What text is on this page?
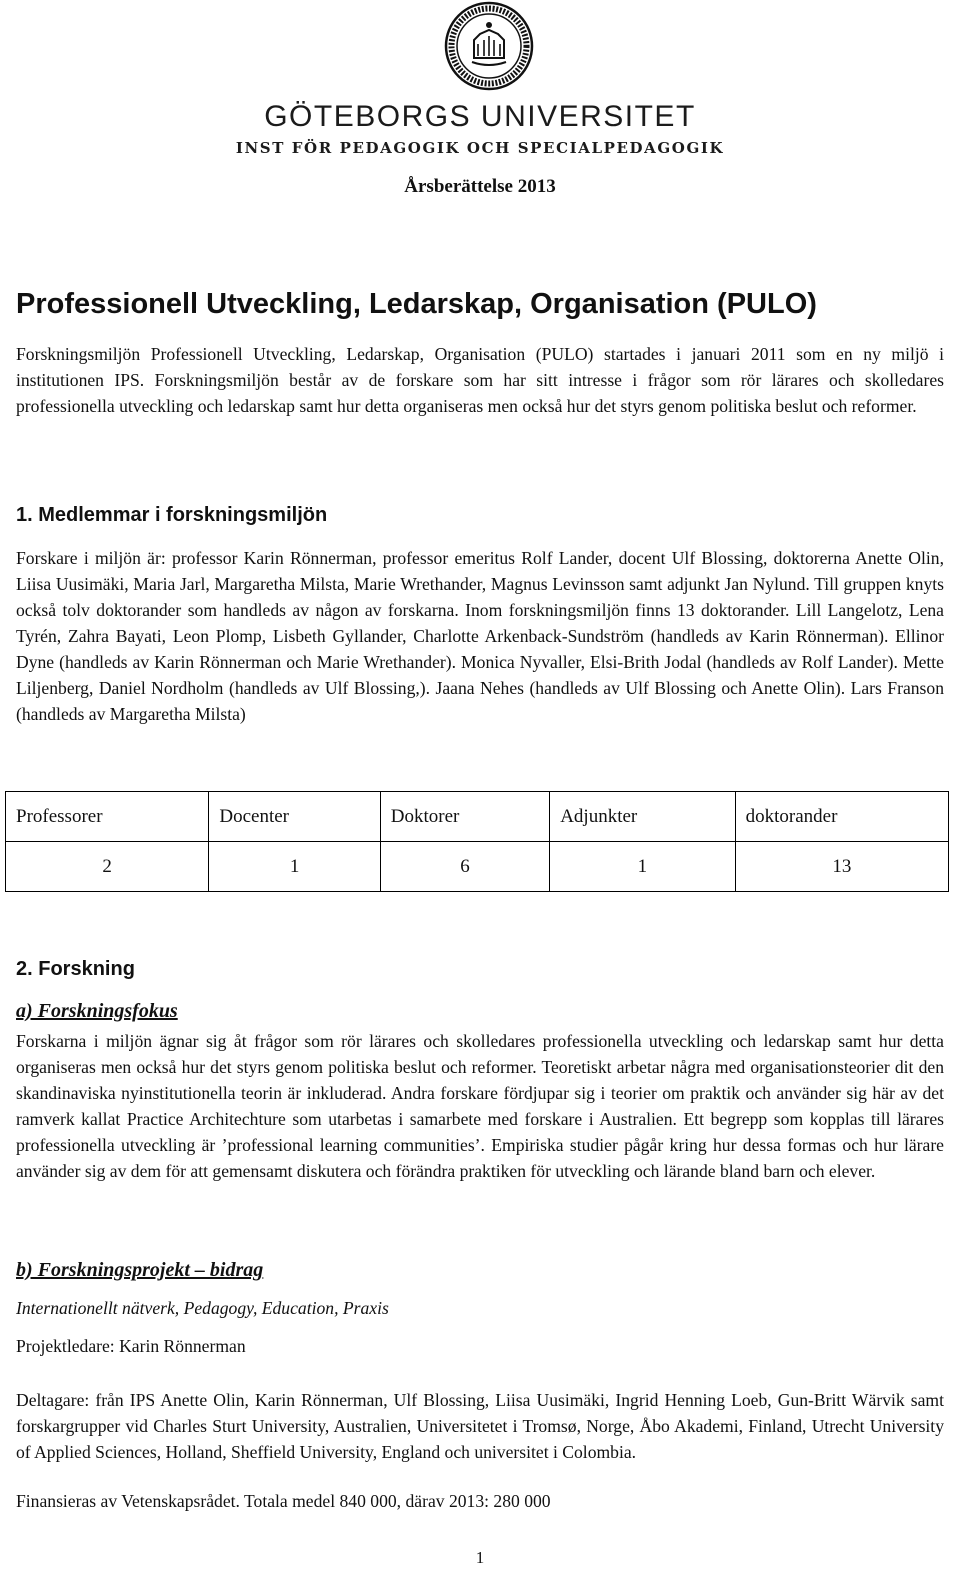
GÖTEBORGS UNIVERSITET
INST FÖR PEDAGOGIK OCH SPECIALPEDAGOGIK
Årsberättelse 2013
Professionell Utveckling, Ledarskap, Organisation (PULO)

Forskningsmiljön Professionell Utveckling, Ledarskap, Organisation (PULO) startades i januari 2011 som en ny miljö i institutionen IPS. Forskningsmiljön består av de forskare som har sitt intresse i frågor som rör lärares och skolledares professionella utveckling och ledarskap samt hur detta organiseras men också hur det styrs genom politiska beslut och reformer.

1. Medlemmar i forskningsmiljön

Forskare i miljön är: professor Karin Rönnerman, professor emeritus Rolf Lander, docent Ulf Blossing, doktorerna Anette Olin, Liisa Uusimäki, Maria Jarl, Margaretha Milsta, Marie Wrethander, Magnus Levinsson samt adjunkt Jan Nylund. Till gruppen knyts också tolv doktorander som handleds av någon av forskarna. Inom forskningsmiljön finns 13 doktorander. Lill Langelotz, Lena Tyrén, Zahra Bayati, Leon Plomp, Lisbeth Gyllander, Charlotte Arkenback-Sundström (handleds av Karin Rönnerman). Ellinor Dyne (handleds av Karin Rönnerman och Marie Wrethander). Monica Nyvaller, Elsi-Brith Jodal (handleds av Rolf Lander). Mette Liljenberg, Daniel Nordholm (handleds av Ulf Blossing,). Jaana Nehes (handleds av Ulf Blossing och Anette Olin). Lars Franson (handleds av Margaretha Milsta)

Professorer	Docenter	Doktorer	Adjunkter	doktorander
2	1	6	1	13
2. Forskning
a) Forskningsfokus

Forskarna i miljön ägnar sig åt frågor som rör lärares och skolledares professionella utveckling och ledarskap samt hur detta organiseras men också hur det styrs genom politiska beslut och reformer. Teoretiskt arbetar några med organisationsteorier dit den skandinaviska nyinstitutionella teorin är inkluderad. Andra forskare fördjupar sig i teorier om praktik och använder sig här av det ramverk kallat Practice Architechture som utarbetas i samarbete med forskare i Australien. Ett begrepp som kopplas till lärares professionella utveckling är ’professional learning communities’. Empiriska studier pågår kring hur dessa formas och hur lärare använder sig av dem för att gemensamt diskutera och förändra praktiken för utveckling och lärande bland barn och elever.

b) Forskningsprojekt – bidrag

Internationellt nätverk, Pedagogy, Education, Praxis

Projektledare: Karin Rönnerman

Deltagare: från IPS Anette Olin, Karin Rönnerman, Ulf Blossing, Liisa Uusimäki, Ingrid Henning Loeb, Gun-Britt Wärvik samt forskargrupper vid Charles Sturt University, Australien, Universitetet i Tromsø, Norge, Åbo Akademi, Finland, Utrecht University of Applied Sciences, Holland, Sheffield University, England och universitet i Colombia.

Finansieras av Vetenskapsrådet. Totala medel 840 000, därav 2013: 280 000

1
